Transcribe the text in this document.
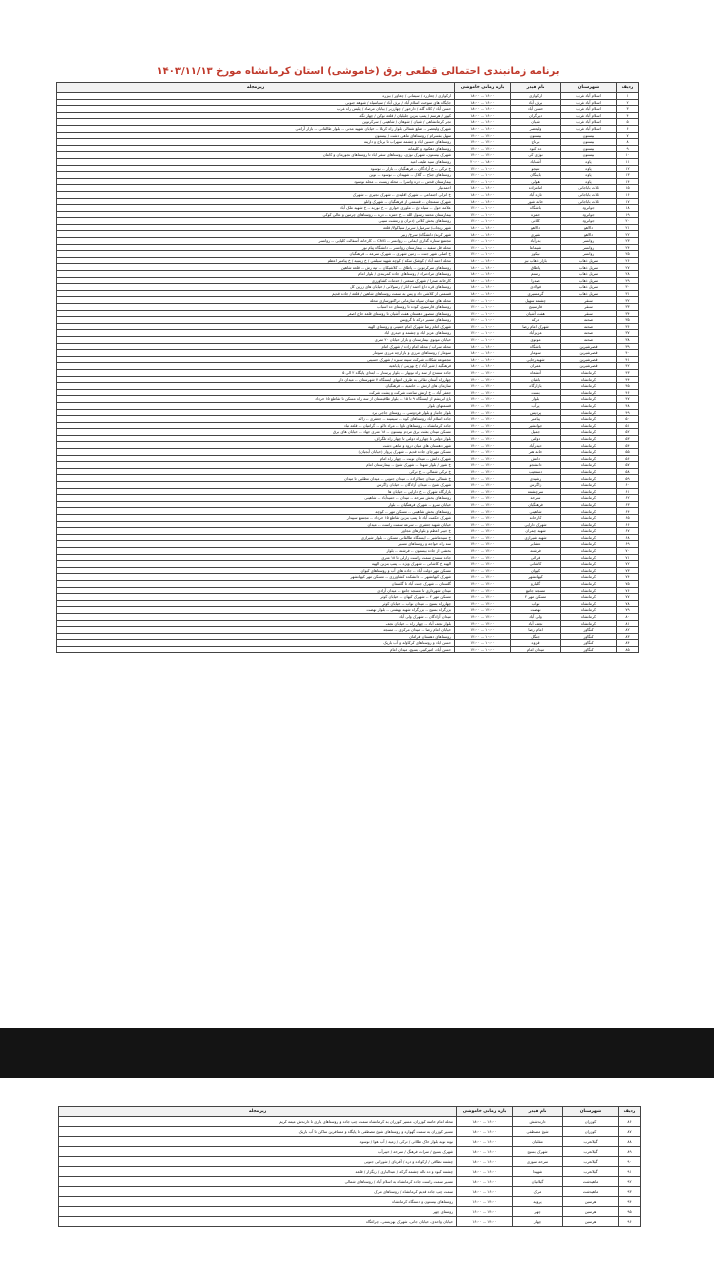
برنامه زمانبندی احتمالی قطعی برق (خاموشی) استان کرمانشاه مورخ ۱۴۰۳/۱۱/۱۳
ردیف	شهرستان	نام فیدر	بازه زمانی خاموشی	زیرمجله
۱	اسلام آباد غرب	ارکوازی	۱۶:۰۰ -- ۱۸:۰۰	ارکوازی / چغازرد / سیمانی / چغاور / بیزره
۲	اسلام آباد غرب	برف آباد	۱۶:۰۰ -- ۱۸:۰۰	جایگاه های سوخت اسلام آباد / برف آباد / سیاسیاه / شوهه جنوبی
۳	اسلام آباد غرب	حسن آباد	۱۶:۰۰ -- ۱۸:۰۰	حسن آباد / کلاه گله / دارخور / چهارزبر / بیابان مرصاد / پلیس راه غرب
۴	اسلام آباد غرب	دیرگران	۱۶:۰۰ -- ۱۸:۰۰	کیور / هرسم / پمپ بنزین جلیلیان / قلعه نوکن / چهار نگه
۵	اسلام آباد غرب	شیان	۱۶:۰۰ -- ۱۸:۰۰	تجر کرمانشاهی / شیان / شوهان / شاهینی / سرکرتوین
۶	اسلام آباد غرب	ولیعصر	۱۶:۰۰ -- ۱۸:۰۰	شهرک ولیعصر -- ضلع شمالی بلوار راه کربلا -- خیابان شهید مدنی -- بلوار طالقانی -- بازار آرامی
۷	بیستون	بیستون	۱۲:۰۰ -- ۱۴:۰۰	سهل بفسرام / روستاهای ماهی دشت / بیستون
۸	بیستون	برناج	۱۲:۰۰ -- ۱۴:۰۰	روستاهای حسین اباد و چشمه سهراب تا برناج و دارینه
۹	بیستون	ده کبود	۱۲:۰۰ -- ۱۴:۰۰	روستاهای دهکبود و کلیمانه
۱۰	بیستون	نوژی کی	۱۲:۰۰ -- ۱۴:۰۰	شهرک بیستون، شهرک نوژی، روستاهای سفر اباد تا روستاهای نجورمان و کانتان
۱۱	پاوه	آشناباد	۱۸:۰۰ -- ۲۰:۰۰	روستاهای سید طیف امید
۱۲	پاوه	نتیجو	۱۰:۰۰ -- ۱۲:۰۰	خ ترکی -- خ آزادگان -- فرهنگیان -- بازار -- نوسود
۱۳	پاوه	باینگان	۱۰:۰۰ -- ۱۲:۰۰	روستاهای جناح -- گلال -- شهیدان -- نوسود -- نوین
۱۴	پاوه	هولی	۱۰:۰۰ -- ۱۲:۰۰	بیمارستان قدس -- دره واسرا -- محله زیست -- محله نوسود
۱۵	ثلاث باباجانی	امامزاده	۱۶:۰۰ -- ۱۸:۰۰	احمدنیاز
۱۶	ثلاث باباجانی	تازه آباد	۱۶:۰۰ -- ۱۸:۰۰	خ انزلی اجتماعی -- شهرک اقلیدی -- شهرک نجیری -- شهرک
۱۷	ثلاث باباجانی	خانه شور	۱۶:۰۰ -- ۱۸:۰۰	شهرک سمنجان -- قسمتی از فرهنگیان -- شهرک وانلو
۱۸	جوانرود	باشگاه	۱۰:۰۰ -- ۱۲:۰۰	علامه حول -- سیاه تخ -- ملوری خواری -- خ نوربه -- خ شهید ملک آباد
۱۹	جوانرود	حمزه	۱۰:۰۰ -- ۱۲:۰۰	بیمارستان محمد رسول الله -- خ حمزه -- دره -- روستاهای چرمین و عالی کوکی
۲۰	جوانرود	کلاتی	۱۰:۰۰ -- ۱۲:۰۰	روستاهای بخش کلاتی (دنران و رمشت سیبی
۲۱	دالاهو	دالاهو	۱۶:۰۰ -- ۱۸:۰۰	شهر ریجاب/ سرمیل/ سربر/ سیاکولا/ قلعه
۲۲	دالاهو	نفیری	۱۶:۰۰ -- ۱۸:۰۰	شهر کرند/ دانشگاه/ سرخ/ زبیر
۲۳	روانسر	بدرآباد	۱۰:۰۰ -- ۱۲:۰۰	مجتمع ستاره گذاری ایمانی -- روانسر -- CNG -- کارخانه آسفالت کلیایی -- روانسر
۲۴	روانسر	شیماعا	۱۰:۰۰ -- ۱۲:۰۰	محله قل سفید -- بیمارستان روانسر -- دانشگاه پیام نور
۲۵	روانسر	نیکوز	۱۰:۰۰ -- ۱۲:۰۰	خ اصلی شهر جنت -- زمین شهری -- شهرک سرعه -- فرهنگیان
۲۶	سرپل ذهاب	بازار ذهاب نیز	۱۶:۰۰ -- ۱۸:۰۰	محله احمد آباد / کوشک سکه / کوچه شهید سیلمی / خ زینبیه / خ پیامبر اعظم
۲۷	سرپل ذهاب	پاطاق	۱۶:۰۰ -- ۱۸:۰۰	روستاهای سرکرتوین -- پاطاق -- کلاشیکان -- تپه رش -- قلعه شاهین
۲۸	سرپل ذهاب	رستم	۱۶:۰۰ -- ۱۸:۰۰	روستاهای مرادمراد / روستاهای جاده کمربندی / بلوار امام
۲۹	سرپل ذهاب	صدرا	۱۶:۰۰ -- ۱۸:۰۰	کارخانه صدرا / شهرک صنعتی / خدمات کشاورزی
۳۰	سرپل ذهاب	فولادی	۱۶:۰۰ -- ۱۸:۰۰	روستاهای قره داغ احمد / انار / رسولانی / خیابان های زرین کل
۳۱	سرپل ذهاب	گرمسیری	۱۶:۰۰ -- ۱۸:۰۰	قسمتی از کلاشی داد و پس به سمت روستاهای شاهین / قلعه / جاده قدیم
۳۲	سنقر	چشمه سهیل	۱۰:۰۰ -- ۱۲:۰۰	محله های میدان سپاه سازمانی تراکتورسازی محله
۳۳	سنقر	فارسینج	۱۰:۰۰ -- ۱۲:۰۰	روستاهای فارسینج، کوده تا روستای ده اسباب
۳۴	سنقر	هفت آشیان	۱۰:۰۰ -- ۱۲:۰۰	روستاهای منصور دهستان هفت آشیان تا روستای قلعه حاج اصغر
۳۵	صحنه	درکه	۱۰:۰۰ -- ۱۲:۰۰	روستاهای مسیر درکه تا گرویس
۳۶	صحنه	شهرک امام رضا	۱۰:۰۰ -- ۱۲:۰۰	شهرک امام رضا شهرک امام خمینی و روستای الهیه
۳۷	صحنه	عزیزآباد	۱۰:۰۰ -- ۱۲:۰۰	روستاهای عزیز اباد و چشمه و حیدری اباد
۳۸	صحنه	موتوی	۱۰:۰۰ -- ۱۲:۰۰	خیابان موتوی بیمارستان و بازار خیابان ۲۰ متری
۳۹	قصرشیرین	باشگاه	۱۶:۰۰ -- ۱۸:۰۰	محله سراب / محله امام زاده / شهرک امام
۴۰	قصرشیرین	سومار	۱۶:۰۰ -- ۱۸:۰۰	سومار / روستاهای مرزی و بازارچه مرزی سومار
۴۱	قصرشیرین	شهیدرجایی	۱۶:۰۰ -- ۱۸:۰۰	مجموعه شکلات شرکت سپنه سبزه / شهرک حسینی
۴۲	قصرشیرین	عمران	۱۶:۰۰ -- ۱۸:۰۰	فرهنگیه / شیر آباد / خ بهزینی / پایانغیه
۴۳	کرمانشاه	آتشغاه	۱۲:۰۰ -- ۱۴:۰۰	جاده سنندج از سه راه نوبهار -- بلوار پرستار -- ابتدای پایگاه ۲ الی ۵
۴۴	کرمانشاه	باغبان	۱۲:۰۰ -- ۱۴:۰۰	چهارراه آستان تقائی به طرف انتهای ایستگاه ۷ شهرستان -- میدان دار
۴۵	کرمانشاه	بازارگاه	۱۲:۰۰ -- ۱۴:۰۰	سازمان های ارتش -- خاتمیه -- فرهنگیان
۴۶	کرمانشاه	بست	۱۲:۰۰ -- ۱۴:۰۰	جعفر آباد -- خ ارتش ساعت شرکت و پشت شرکت
۴۷	کرمانشاه	بلوار	۱۲:۰۰ -- ۱۴:۰۰	باغ ابریشم از ایستگاه ۹ تا ۱۵ -- بلوار طاقبستان از سه راه مسکن تا تقاطع ۱۵ خرداد
۴۸	کرمانشاه	پرآب	۱۲:۰۰ -- ۱۴:۰۰	قسمتهای بلوار
۴۹	کرمانشاه	پردیس	۱۲:۰۰ -- ۱۴:۰۰	بلوار جانباز و بلوار فردوسی -- روستای جاجی برد
۵۰	کرمانشاه	پیامبر	۱۲:۰۰ -- ۱۴:۰۰	جاده اسلام آباد روستاهای کوه -- سیمینه -- جعفری -- زاله
۵۱	کرمانشاه	جوانشیر	۱۲:۰۰ -- ۱۴:۰۰	جاده کرمانشاه -- روستاهای ناوا -- مراد دالو -- گرامیان -- قلعه تباد
۵۲	کرمانشاه	جمیل	۱۲:۰۰ -- ۱۴:۰۰	مسکن میدان بعثت برق مردم بیستون -- ۱۸ متری جهاد -- خیابان های برق
۵۳	کرمانشاه	دولتی	۱۲:۰۰ -- ۱۴:۰۰	بلوار دولتی تا چهارراه دولتی تا چهار راه تلگراف
۵۴	کرمانشاه	حیدرآباد	۱۲:۰۰ -- ۱۴:۰۰	شهر دهستان های میان درود و ماهی دشت
۵۵	کرمانشاه	خانه هنر	۱۲:۰۰ -- ۱۴:۰۰	مسکن مهرچای جاده قدیم -- شهرک پرواز (خیابان آبجیان)
۵۶	کرمانشاه	دانش	۱۲:۰۰ -- ۱۴:۰۰	شهرک دانش -- میدان نوبت -- چهار راه امام
۵۷	کرمانشاه	دانشجو	۱۲:۰۰ -- ۱۴:۰۰	خ شور / بلوار شهدا -- شهرک شیخ -- بیمارستان امام
۵۸	کرمانشاه	دستغیب	۱۲:۰۰ -- ۱۴:۰۰	خ ترکی شمالی -- خ ترکی
۵۹	کرمانشاه	رشیدی	۱۲:۰۰ -- ۱۴:۰۰	خ شمالی میدان جمالزاده -- میدان جنوبی -- میدان مطلبی تا میدان
۶۰	کرمانشاه	زاگرس	۱۲:۰۰ -- ۱۴:۰۰	شهرک شیخ -- میدان آزادگان -- خیابان زاگرس
۶۱	کرمانشاه	سرچشمه	۱۲:۰۰ -- ۱۴:۰۰	بازارگاه شهرک -- خ دارایی -- خیابان ها
۶۲	کرمانشاه	سرخه	۱۲:۰۰ -- ۱۴:۰۰	روستاهای بخش سرخه -- میدان -- حمیدآباد -- شاهینی
۶۳	کرمانشاه	فرهنگیان	۱۲:۰۰ -- ۱۴:۰۰	خیابان سرو -- شهرک فرهنگیان -- بلوار
۶۴	کرمانشاه	شاهینی	۱۲:۰۰ -- ۱۴:۰۰	روستاهای بخش شاهینی -- مسکن مهر -- کوچه
۶۵	کرمانشاه	کارخانه	۱۲:۰۰ -- ۱۴:۰۰	شهرک حکمت آباد تا پمپ بنزین تقاطع ۱۵ خرداد -- مجتمع سپیدار
۶۶	کرمانشاه	شهرک دارایی	۱۲:۰۰ -- ۱۴:۰۰	خیابان شهید جعفری -- سرعه سمت راست -- میدان
۶۷	کرمانشاه	شهید چمران	۱۲:۰۰ -- ۱۴:۰۰	خ جیبر اعظم و بلوارهای مجاور
۶۸	کرمانشاه	شهید شیرازی	۱۲:۰۰ -- ۱۴:۰۰	خ سیدماشیر -- ایستگاه طالقانی مسکن -- بلوار شیرازی
۶۹	کرمانشاه	عشایر	۱۲:۰۰ -- ۱۴:۰۰	سه راه خواجه و روستاهای مسیر
۷۰	کرمانشاه	فرشته	۱۲:۰۰ -- ۱۴:۰۰	بخشی از جاده بیستون -- فرشته -- بلوار
۷۱	کرمانشاه	قرائی	۱۲:۰۰ -- ۱۴:۰۰	جاده سنندج سمت راست زارلی تا ۱۸ متری
۷۲	کرمانشاه	کاشانی	۱۲:۰۰ -- ۱۴:۰۰	الهیه خ کاشانی -- شهرک ویژه -- پمپ بنزین الهیه
۷۳	کرمانشاه	کیوان	۱۲:۰۰ -- ۱۴:۰۰	مسکن مهر دولت آباد -- جاده های آب و روستاهای کیوان
۷۴	کرمانشاه	کیهانشهر	۱۲:۰۰ -- ۱۴:۰۰	شهرک کیهانشهر -- دانشکده کشاورزی -- مسکن مهر کیهانشهر
۷۵	کرمانشاه	گلبارو	۱۲:۰۰ -- ۱۴:۰۰	گلستان -- شهرک جنت آباد تا گلستان
۷۶	کرمانشاه	مسجد جامع	۱۲:۰۰ -- ۱۴:۰۰	میدان شهرداری تا مسجد جامع -- میدان آزادی
۷۷	کرمانشاه	مسکن مهر ۲	۱۲:۰۰ -- ۱۴:۰۰	مسکن مهر ۲ -- شهرک کیهان -- خیابان کوثر
۷۸	کرمانشاه	نواب	۱۲:۰۰ -- ۱۴:۰۰	چهارراه بسیج -- میدان نواب -- خیابان کوثر
۷۹	کرمانشاه	نهضت	۱۲:۰۰ -- ۱۴:۰۰	بزرگراه بسیج -- بزرگراه شهید بهشتی -- بلوار نهضت
۸۰	کرمانشاه	ولی آباد	۱۲:۰۰ -- ۱۴:۰۰	میدان آزادگان -- شهرک ولی آباد
۸۱	کرمانشاه	نجف آباد	۱۲:۰۰ -- ۱۴:۰۰	بلوار نجف آباد -- چهار راه -- خیابان نجف
۸۲	کنگاور	امام رضا	۱۰:۰۰ -- ۱۲:۰۰	خیابان امام رضا -- میدان مرکزی -- مسجد
۸۳	کنگاور	جنگل	۱۰:۰۰ -- ۱۲:۰۰	روستاهای دهستان فرامان
۸۴	کنگاور	قزوه	۱۰:۰۰ -- ۱۲:۰۰	حسن اباد و روستاهای کرکاوله و آب باریک
۸۵	کنگاور	میدان امام	۱۰:۰۰ -- ۱۲:۰۰	حسن آباد، امیرکبیر، بسیج، میدان امام
ردیف	شهرستان	نام فیدر	بازه زمانی خاموشی	زیرمجله
۸۶	کوزران	دارندشش	۱۶:۰۰ -- ۱۸:۰۰	محله امام خامنه کوزران، مسیر کوزران به کرمانشاه سمت چپ جاده و روستاهای یاری تا دارندش میمه کریم
۸۷	کوزران	شیخ مصطفی	۱۶:۰۰ -- ۱۸:۰۰	مسیر کوزران به سمت گهواره و روستاهای شیخ مصطفی تا پایگاه و مسافرین ساکن تا آب باریک
۸۸	گیلانغرب	مقلبان	۱۶:۰۰ -- ۱۸:۰۰	نوبه نوبه بلوار خاک طلائی / ترکی / زمیه / آب هوا / نوسود
۸۹	گیلانغرب	شهرک بسیج	۱۶:۰۰ -- ۱۸:۰۰	شهرک بسیج / سرات فرهنگ / سرخه / خیبرآب
۹۰	گیلانغرب	سرخه سوزی	۱۶:۰۰ -- ۱۸:۰۰	چشمه نطاقی / ارکواده و دره / آفرتای / شورابی جنوبی
۹۱	گیلانغرب	شهیدا	۱۶:۰۰ -- ۱۸:۰۰	چشمه کبود و ده ناله چشمه گرکه / عبدالباری / ریگزار / قلعه
۹۲	ماهیدشت	گیلانیان	۱۶:۰۰ -- ۱۸:۰۰	مسیر سمت راست جاده کرمانشاه به اسلام آباد / روستاهای شمالی
۹۳	ماهیدشت	مرک	۱۶:۰۰ -- ۱۸:۰۰	سمت چپ جاده قدیم کرمانشاه / روستاهای مرک
۹۴	هرسین	پرویه	۱۴:۰۰ -- ۱۶:۰۰	روستاهای بیستون و دستگاه کرمانشاه
۹۵	هرسین	چهر	۱۴:۰۰ -- ۱۶:۰۰	روستای چهر
۹۶	هرسین	چهار	۱۴:۰۰ -- ۱۶:۰۰	خیابان واحدی، خیابان جانی، شهرک بهزیستی، چراغگاه
